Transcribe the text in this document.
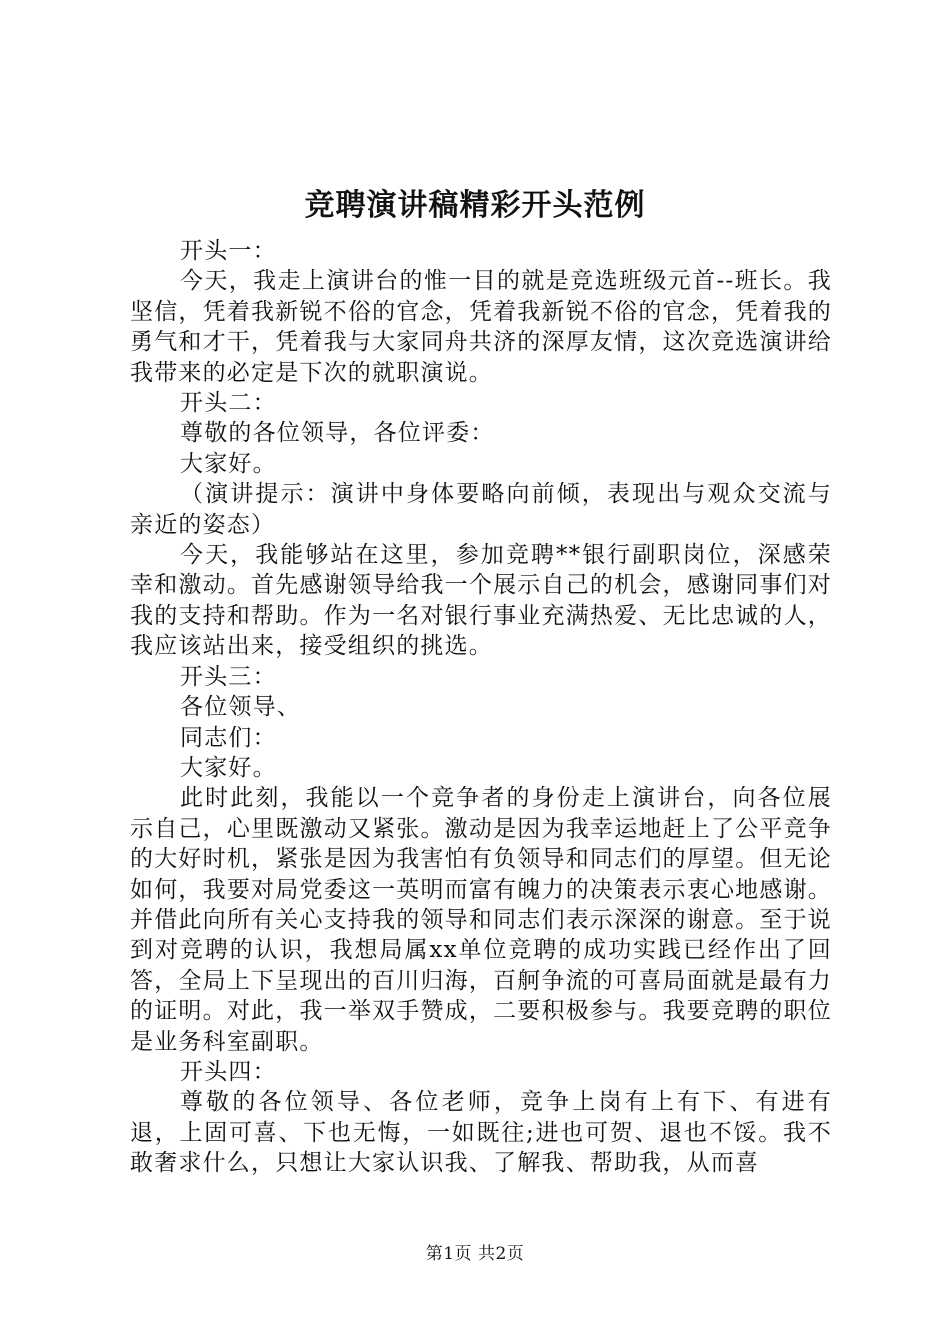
竞聘演讲稿精彩开头范例

开头一：

今天，我走上演讲台的惟一目的就是竞选班级元首--班长。我坚信，凭着我新锐不俗的官念，凭着我新锐不俗的官念，凭着我的勇气和才干，凭着我与大家同舟共济的深厚友情，这次竞选演讲给我带来的必定是下次的就职演说。

开头二：

尊敬的各位领导，各位评委：

大家好。

（演讲提示：演讲中身体要略向前倾，表现出与观众交流与亲近的姿态）

今天，我能够站在这里，参加竞聘**银行副职岗位，深感荣幸和激动。首先感谢领导给我一个展示自己的机会，感谢同事们对我的支持和帮助。作为一名对银行事业充满热爱、无比忠诚的人，我应该站出来，接受组织的挑选。

开头三：

各位领导、

同志们：

大家好。

此时此刻，我能以一个竞争者的身份走上演讲台，向各位展示自己，心里既激动又紧张。激动是因为我幸运地赶上了公平竞争的大好时机，紧张是因为我害怕有负领导和同志们的厚望。但无论如何，我要对局党委这一英明而富有魄力的决策表示衷心地感谢。并借此向所有关心支持我的领导和同志们表示深深的谢意。至于说到对竞聘的认识，我想局属xx单位竞聘的成功实践已经作出了回答，全局上下呈现出的百川归海，百舸争流的可喜局面就是最有力的证明。对此，我一举双手赞成，二要积极参与。我要竞聘的职位是业务科室副职。

开头四：

尊敬的各位领导、各位老师，竞争上岗有上有下、有进有退，上固可喜、下也无悔，一如既往;进也可贺、退也不馁。我不敢奢求什么，只想让大家认识我、了解我、帮助我，从而喜

第1页 共2页
